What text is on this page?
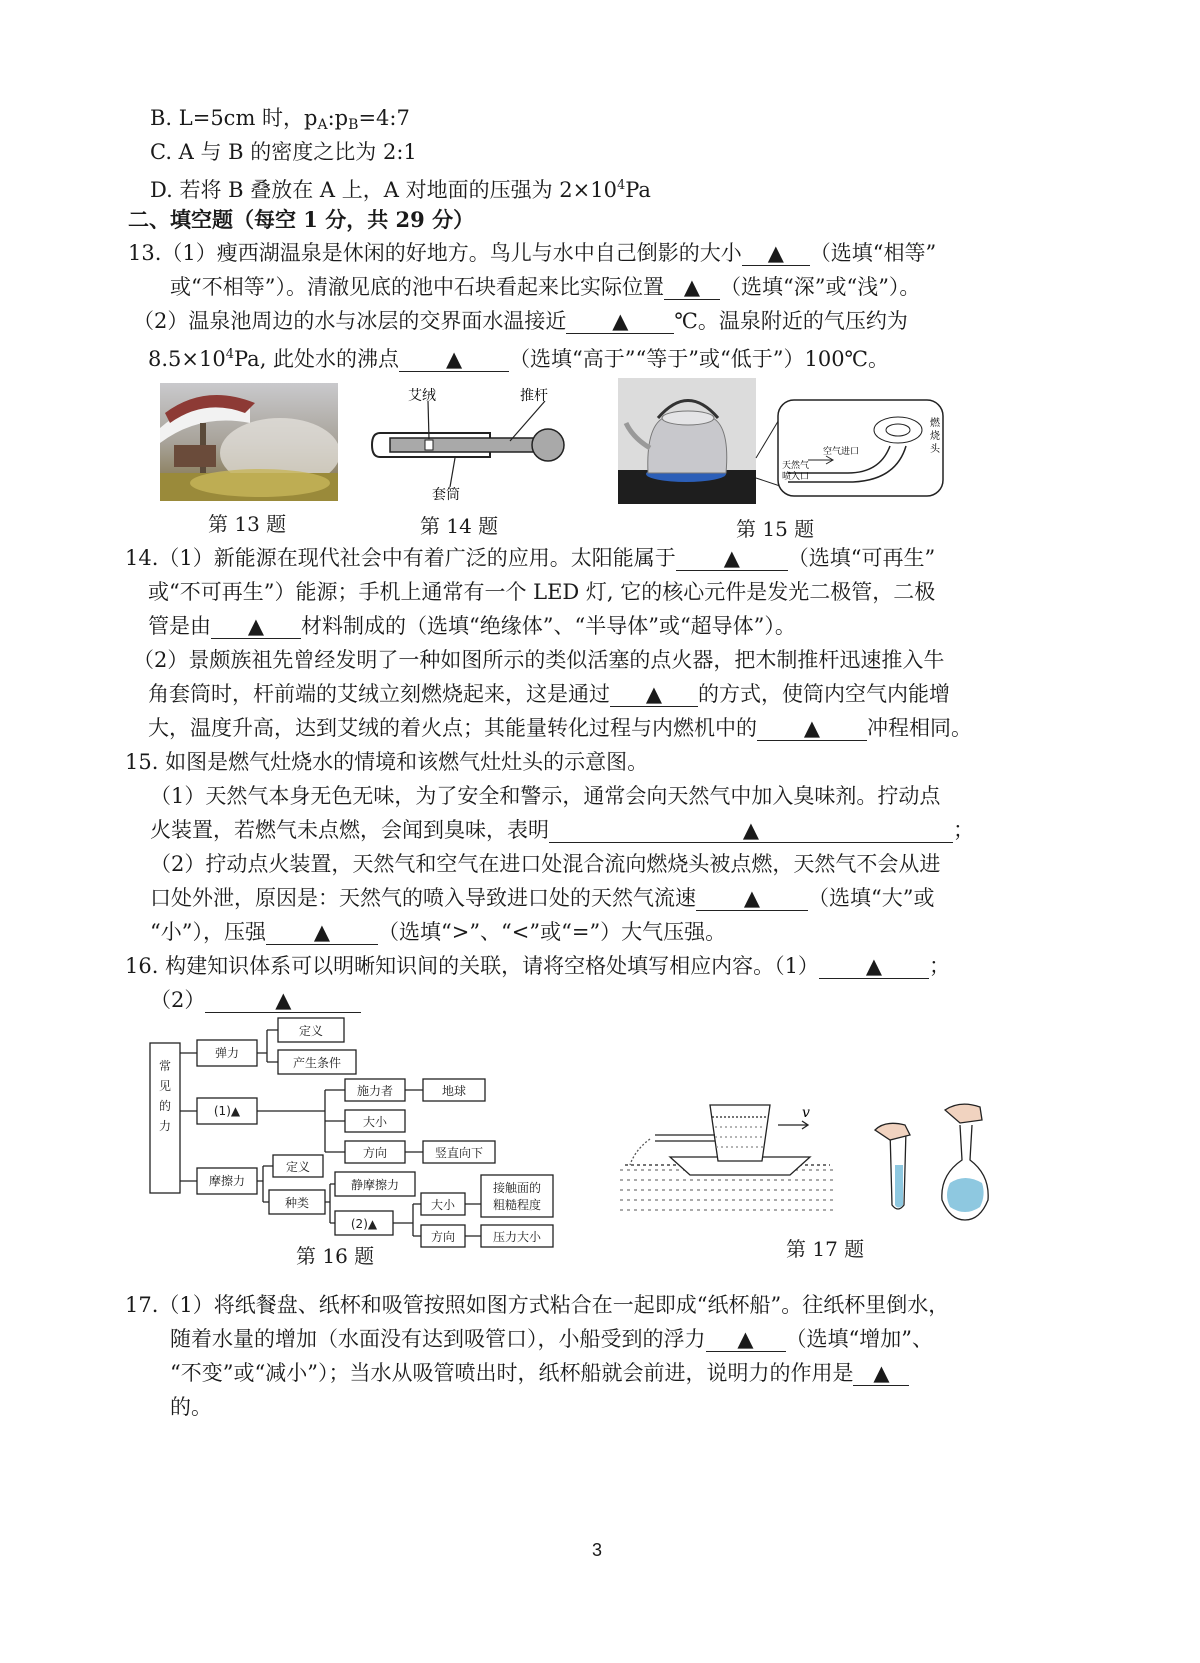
B. L=5cm 时，$p_A:p_B=4:7$
C. A 与 B 的密度之比为 2:1
D. 若将 B 叠放在 A 上，A 对地面的压强为 $2\times 10^4Pa$
二、填空题（每空 1 分，共 29 分）
13.（1）瘦西湖温泉是休闲的好地方。鸟儿与水中自己倒影的大小 ▲ （选填“相等”
或“不相等”）。清澈见底的池中石块看起来比实际位置 ▲ （选填“深”或“浅”）。
（2）温泉池周边的水与冰层的交界面水温接近 ▲ ℃。温泉附近的气压约为
$8.5\times 10^4Pa$, 此处水的沸点 ▲ （选填“高于”“等于”或“低于”）100℃。
第 13 题
艾绒	推杆
套筒
第 14 题
燃
烧
头
空气进口
天然气
喷入口
第 15 题
14.（1）新能源在现代社会中有着广泛的应用。太阳能属于 ▲ （选填“可再生”
或“不可再生”）能源；手机上通常有一个 LED 灯, 它的核心元件是发光二极管，二极
管是由 ▲ 材料制成的（选填“绝缘体”、“半导体”或“超导体”）。
（2）景颇族祖先曾经发明了一种如图所示的类似活塞的点火器，把木制推杆迅速推入牛
角套筒时，杆前端的艾绒立刻燃烧起来，这是通过 ▲ 的方式，使筒内空气内能增
大，温度升高，达到艾绒的着火点；其能量转化过程与内燃机中的 ▲ 冲程相同。
15. 如图是燃气灶烧水的情境和该燃气灶灶头的示意图。
（1）天然气本身无色无味，为了安全和警示，通常会向天然气中加入臭味剂。拧动点
火装置，若燃气未点燃，会闻到臭味，表明	▲	；
（2）拧动点火装置，天然气和空气在进口处混合流向燃烧头被点燃，天然气不会从进
口处外泄，原因是：天然气的喷入导致进口处的天然气流速 ▲ （选填“大”或
“小”），压强 ▲ （选填“>”、“<”或“=”）大气压强。
16. 构建知识体系可以明晰知识间的关联，请将空格处填写相应内容。（1） ▲ ；
（2）	▲
常
见
的
力
弹力
定义
产生条件
(1)▲
施力者	地球
大小
方向	竖直向下
摩擦力
定义
种类
静摩擦力
(2)▲
大小
方向
接触面的
粗糙程度
压力大小
第 16 题
v
第 17 题
17.（1）将纸餐盘、纸杯和吸管按照如图方式粘合在一起即成“纸杯船”。往纸杯里倒水，
随着水量的增加（水面没有达到吸管口），小船受到的浮力 ▲ （选填“增加”、
“不变”或“减小”）；当水从吸管喷出时，纸杯船就会前进，说明力的作用是 ▲
的。
3
